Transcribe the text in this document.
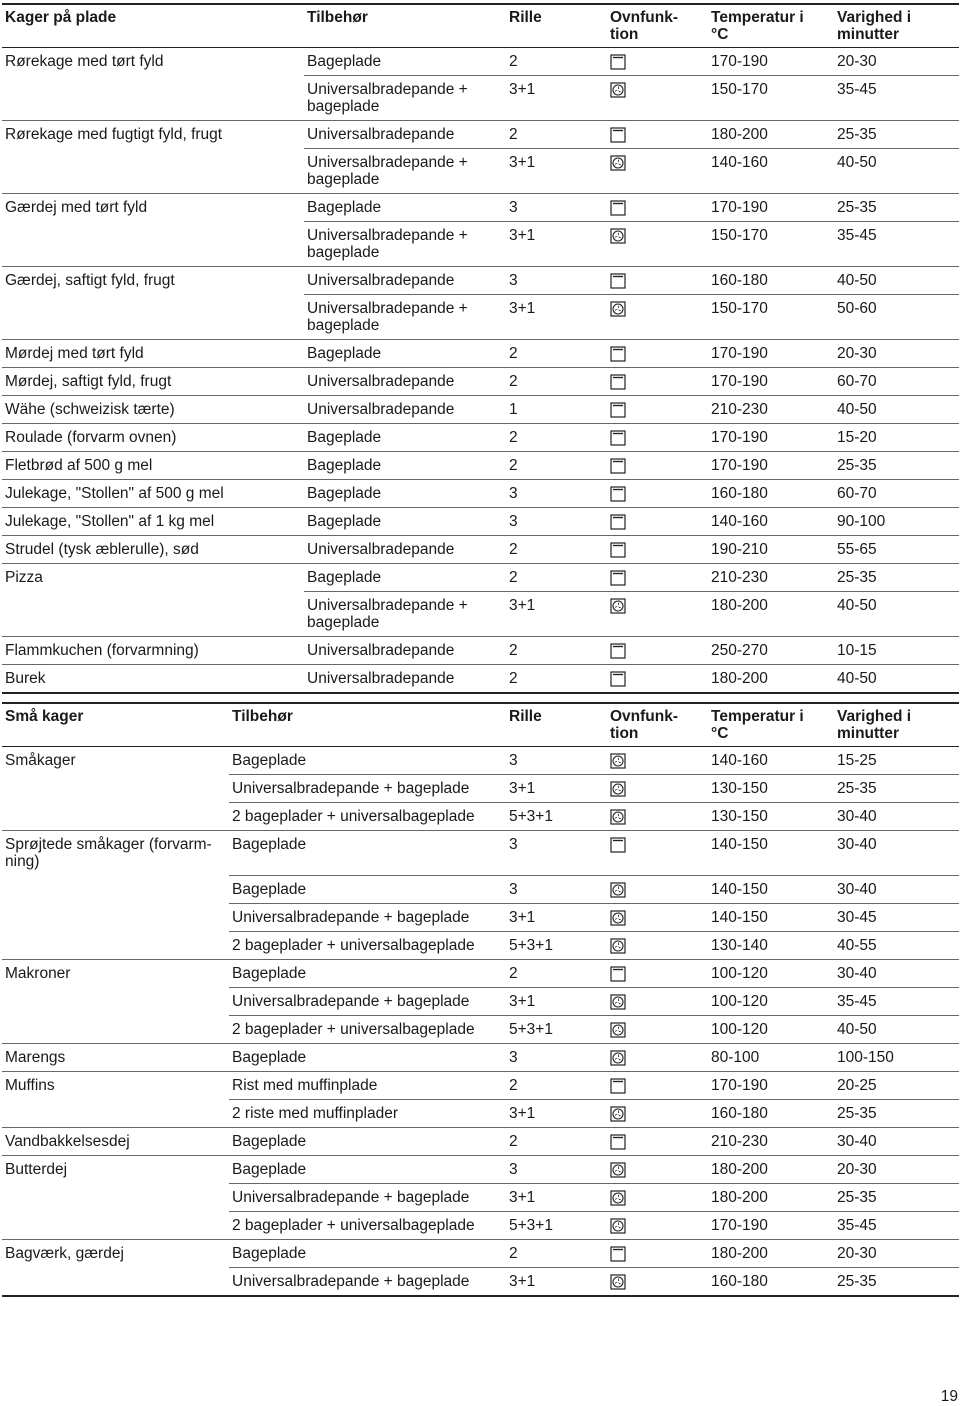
Kager på plade	Tilbehør	Rille	Ovnfunk-
tion	Temperatur i
°C	Varighed i
minutter
Rørekage med tørt fyld	Bageplade	2		170-190	20-30
	Universalbradepande +
bageplade	3+1		150-170	35-45
Rørekage med fugtigt fyld, frugt	Universalbradepande	2		180-200	25-35
	Universalbradepande +
bageplade	3+1		140-160	40-50
Gærdej med tørt fyld	Bageplade	3		170-190	25-35
	Universalbradepande +
bageplade	3+1		150-170	35-45
Gærdej, saftigt fyld, frugt	Universalbradepande	3		160-180	40-50
	Universalbradepande +
bageplade	3+1		150-170	50-60
Mørdej med tørt fyld	Bageplade	2		170-190	20-30
Mørdej, saftigt fyld, frugt	Universalbradepande	2		170-190	60-70
Wähe (schweizisk tærte)	Universalbradepande	1		210-230	40-50
Roulade (forvarm ovnen)	Bageplade	2		170-190	15-20
Fletbrød af 500 g mel	Bageplade	2		170-190	25-35
Julekage, "Stollen" af 500 g mel	Bageplade	3		160-180	60-70
Julekage, "Stollen" af 1 kg mel	Bageplade	3		140-160	90-100
Strudel (tysk æblerulle), sød	Universalbradepande	2		190-210	55-65
Pizza	Bageplade	2		210-230	25-35
	Universalbradepande +
bageplade	3+1		180-200	40-50
Flammkuchen (forvarmning)	Universalbradepande	2		250-270	10-15
Burek	Universalbradepande	2		180-200	40-50
Små kager	Tilbehør	Rille	Ovnfunk-
tion	Temperatur i
°C	Varighed i
minutter
Småkager	Bageplade	3		140-160	15-25
	Universalbradepande + bageplade	3+1		130-150	25-35
	2 bageplader + universalbageplade	5+3+1		130-150	30-40
Sprøjtede småkager (forvarm-
ning)	Bageplade	3		140-150	30-40
	Bageplade	3		140-150	30-40
	Universalbradepande + bageplade	3+1		140-150	30-45
	2 bageplader + universalbageplade	5+3+1		130-140	40-55
Makroner	Bageplade	2		100-120	30-40
	Universalbradepande + bageplade	3+1		100-120	35-45
	2 bageplader + universalbageplade	5+3+1		100-120	40-50
Marengs	Bageplade	3		80-100	100-150
Muffins	Rist med muffinplade	2		170-190	20-25
	2 riste med muffinplader	3+1		160-180	25-35
Vandbakkelsesdej	Bageplade	2		210-230	30-40
Butterdej	Bageplade	3		180-200	20-30
	Universalbradepande + bageplade	3+1		180-200	25-35
	2 bageplader + universalbageplade	5+3+1		170-190	35-45
Bagværk, gærdej	Bageplade	2		180-200	20-30
	Universalbradepande + bageplade	3+1		160-180	25-35
19
